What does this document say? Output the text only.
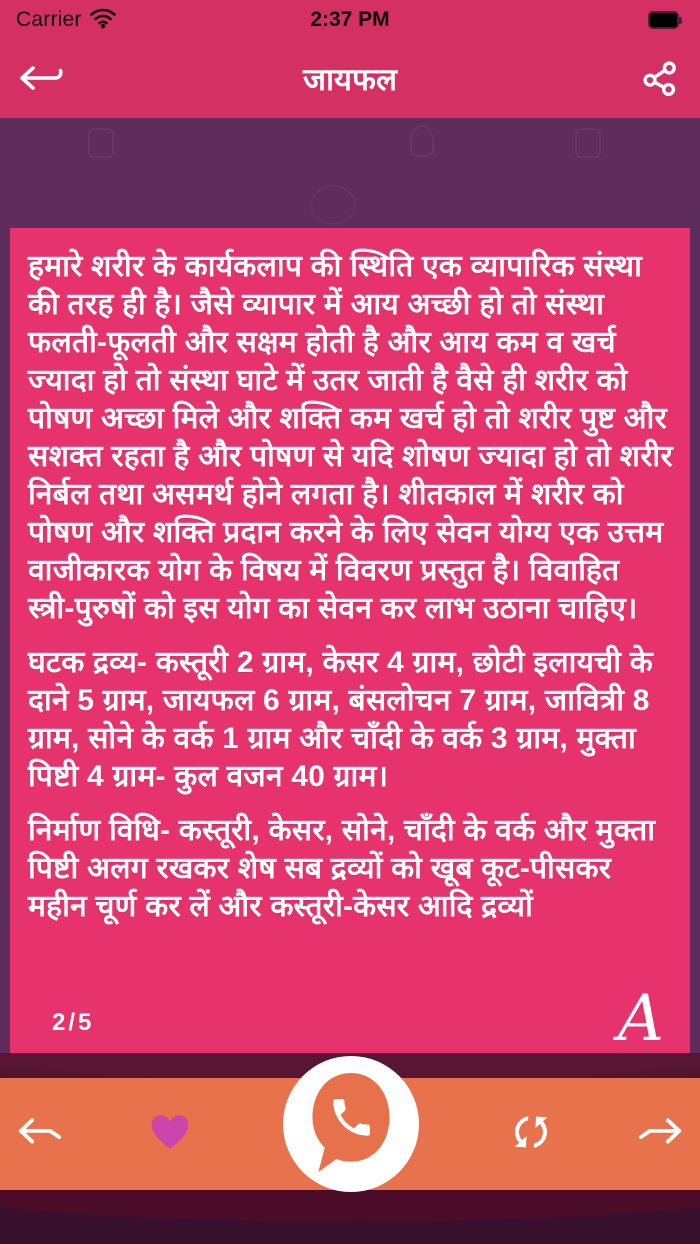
Carrier	2:37 PM
जायफल

हमारे शरीर के कार्यकलाप की स्थिति एक व्यापारिक संस्था की तरह ही है। जैसे व्यापार में आय अच्छी हो तो संस्था फलती-फूलती और सक्षम होती है और आय कम व खर्च ज्यादा हो तो संस्था घाटे में उतर जाती है वैसे ही शरीर को पोषण अच्छा मिले और शक्ति कम खर्च हो तो शरीर पुष्ट और सशक्त रहता है और पोषण से यदि शोषण ज्यादा हो तो शरीर निर्बल तथा असमर्थ होने लगता है। शीतकाल में शरीर को पोषण और शक्ति प्रदान करने के लिए सेवन योग्य एक उत्तम वाजीकारक योग के विषय में विवरण प्रस्तुत है। विवाहित स्त्री-पुरुषों को इस योग का सेवन कर लाभ उठाना चाहिए।

घटक द्रव्य- कस्तूरी 2 ग्राम, केसर 4 ग्राम, छोटी इलायची के दाने 5 ग्राम, जायफल 6 ग्राम, बंसलोचन 7 ग्राम, जावित्री 8 ग्राम, सोने के वर्क 1 ग्राम और चाँदी के वर्क 3 ग्राम, मुक्ता पिष्टी 4 ग्राम- कुल वजन 40 ग्राम।

निर्माण विधि- कस्तूरी, केसर, सोने, चाँदी के वर्क और मुक्ता पिष्टी अलग रखकर शेष सब द्रव्यों को खूब कूट-पीसकर महीन चूर्ण कर लें और कस्तूरी-केसर आदि द्रव्यों

2/5	A
